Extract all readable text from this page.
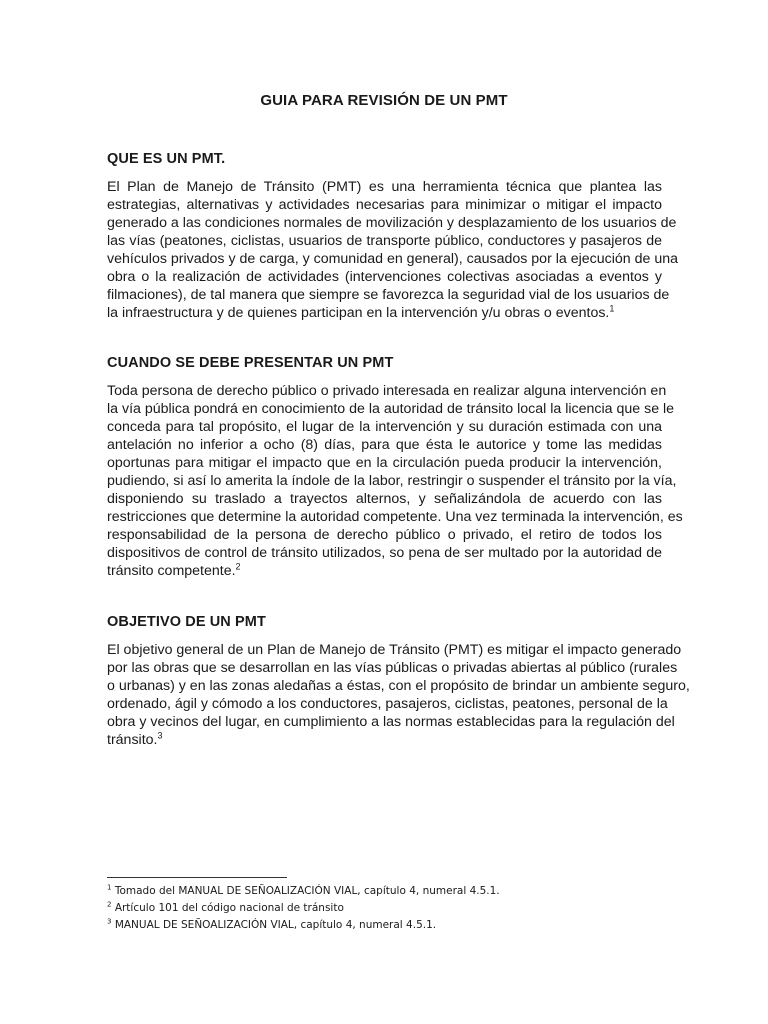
GUIA PARA REVISIÓN DE UN PMT
QUE ES UN PMT.
El Plan de Manejo de Tránsito (PMT) es una herramienta técnica que plantea las
estrategias, alternativas y actividades necesarias para minimizar o mitigar el impacto
generado a las condiciones normales de movilización y desplazamiento de los usuarios de
las vías (peatones, ciclistas, usuarios de transporte público, conductores y pasajeros de
vehículos privados y de carga, y comunidad en general), causados por la ejecución de una
obra o la realización de actividades (intervenciones colectivas asociadas a eventos y
filmaciones), de tal manera que siempre se favorezca la seguridad vial de los usuarios de
la infraestructura y de quienes participan en la intervención y/u obras o eventos.$^1$
CUANDO SE DEBE PRESENTAR UN PMT
Toda persona de derecho público o privado interesada en realizar alguna intervención en
la vía pública pondrá en conocimiento de la autoridad de tránsito local la licencia que se le
conceda para tal propósito, el lugar de la intervención y su duración estimada con una
antelación no inferior a ocho (8) días, para que ésta le autorice y tome las medidas
oportunas para mitigar el impacto que en la circulación pueda producir la intervención,
pudiendo, si así lo amerita la índole de la labor, restringir o suspender el tránsito por la vía,
disponiendo su traslado a trayectos alternos, y señalizándola de acuerdo con las
restricciones que determine la autoridad competente. Una vez terminada la intervención, es
responsabilidad de la persona de derecho público o privado, el retiro de todos los
dispositivos de control de tránsito utilizados, so pena de ser multado por la autoridad de
tránsito competente.$^2$
OBJETIVO DE UN PMT
El objetivo general de un Plan de Manejo de Tránsito (PMT) es mitigar el impacto generado
por las obras que se desarrollan en las vías públicas o privadas abiertas al público (rurales
o urbanas) y en las zonas aledañas a éstas, con el propósito de brindar un ambiente seguro,
ordenado, ágil y cómodo a los conductores, pasajeros, ciclistas, peatones, personal de la
obra y vecinos del lugar, en cumplimiento a las normas establecidas para la regulación del
tránsito.$^3$
$^1$ Tomado del MANUAL DE SEÑOALIZACIÓN VIAL, capítulo 4, numeral 4.5.1.
$^2$ Artículo 101 del código nacional de tránsito
$^3$ MANUAL DE SEÑOALIZACIÓN VIAL, capítulo 4, numeral 4.5.1.
